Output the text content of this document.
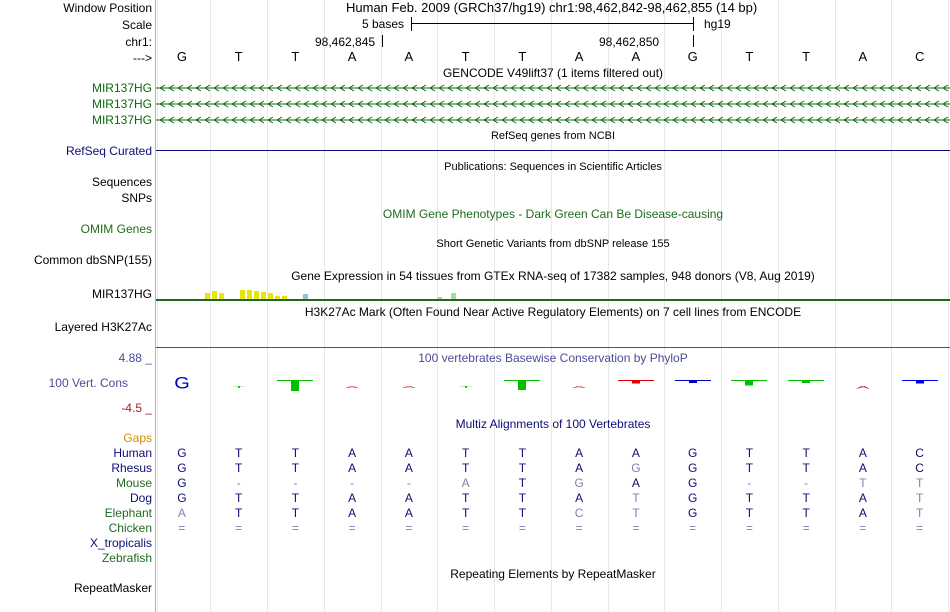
Window Position
Scale
chr1:
--->
Human Feb. 2009 (GRCh37/hg19) chr1:98,462,842-98,462,855 (14 bp)
5 bases	hg19
98,462,845	98,462,850
G	T	T	A	A	T	T	A	A	G	T	T	A	C
GENCODE V49lift37 (1 items filtered out)
MIR137HG
MIR137HG
MIR137HG
RefSeq genes from NCBI
RefSeq Curated
Publications: Sequences in Scientific Articles
Sequences
SNPs
OMIM Gene Phenotypes - Dark Green Can Be Disease-causing
OMIM Genes
Short Genetic Variants from dbSNP release 155
Common dbSNP(155)
Gene Expression in 54 tissues from GTEx RNA-seq of 17382 samples, 948 donors (V8, Aug 2019)
MIR137HG
H3K27Ac Mark (Often Found Near Active Regulatory Elements) on 7 cell lines from ENCODE
Layered H3K27Ac
100 vertebrates Basewise Conservation by PhyloP
4.88 _
100 Vert. Cons
-4.5 _
G T	A A T	A	A
Multiz Alignments of 100 Vertebrates
Gaps
Human	G	T	T	A	A	T	T	A	A	G	T	T	A	C
Rhesus	G	T	T	A	A	T	T	A	G	G	T	T	A	C
Mouse	G	-	-	-	-	A	T	G	A	G	-	-	T	T
Dog	G	T	T	A	A	T	T	A	T	G	T	T	A	T
Elephant	A	T	T	A	A	T	T	C	T	G	T	T	A	T
Chicken	=	=	=	=	=	=	=	=	=	=	=	=	=	=
X_tropicalis
Zebrafish
Repeating Elements by RepeatMasker
RepeatMasker
